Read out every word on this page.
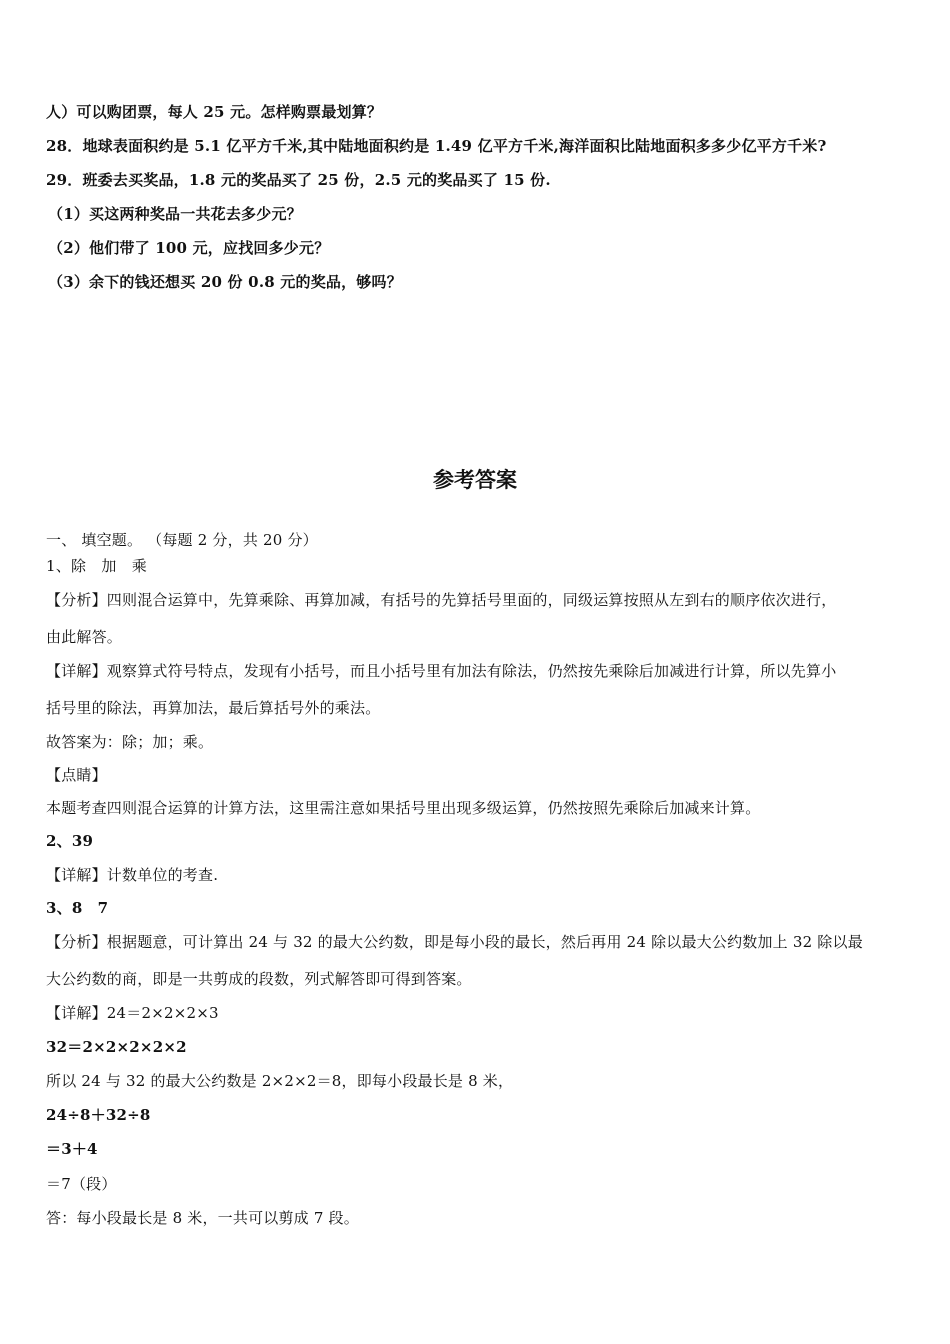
人）可以购团票，每人 25 元。怎样购票最划算？
28．地球表面积约是 5.1 亿平方千米,其中陆地面积约是 1.49 亿平方千米,海洋面积比陆地面积多多少亿平方千米?
29．班委去买奖品，1.8 元的奖品买了 25 份，2.5 元的奖品买了 15 份.
（1）买这两种奖品一共花去多少元？
（2）他们带了 100 元，应找回多少元？
（3）余下的钱还想买 20 份 0.8 元的奖品，够吗？
参考答案
一、 填空题。 （每题 2 分，共 20 分）
1、除　加　乘
【分析】四则混合运算中，先算乘除、再算加减，有括号的先算括号里面的，同级运算按照从左到右的顺序依次进行，
由此解答。
【详解】观察算式符号特点，发现有小括号，而且小括号里有加法有除法，仍然按先乘除后加减进行计算，所以先算小
括号里的除法，再算加法，最后算括号外的乘法。
故答案为：除；加；乘。
【点睛】
本题考查四则混合运算的计算方法，这里需注意如果括号里出现多级运算，仍然按照先乘除后加减来计算。
2、39
【详解】计数单位的考查.
3、8　7
【分析】根据题意，可计算出 24 与 32 的最大公约数，即是每小段的最长，然后再用 24 除以最大公约数加上 32 除以最
大公约数的商，即是一共剪成的段数，列式解答即可得到答案。
【详解】24＝2×2×2×3
32＝2×2×2×2×2
所以 24 与 32 的最大公约数是 2×2×2＝8，即每小段最长是 8 米，
24÷8＋32÷8
＝3＋4
＝7（段）
答：每小段最长是 8 米，一共可以剪成 7 段。
